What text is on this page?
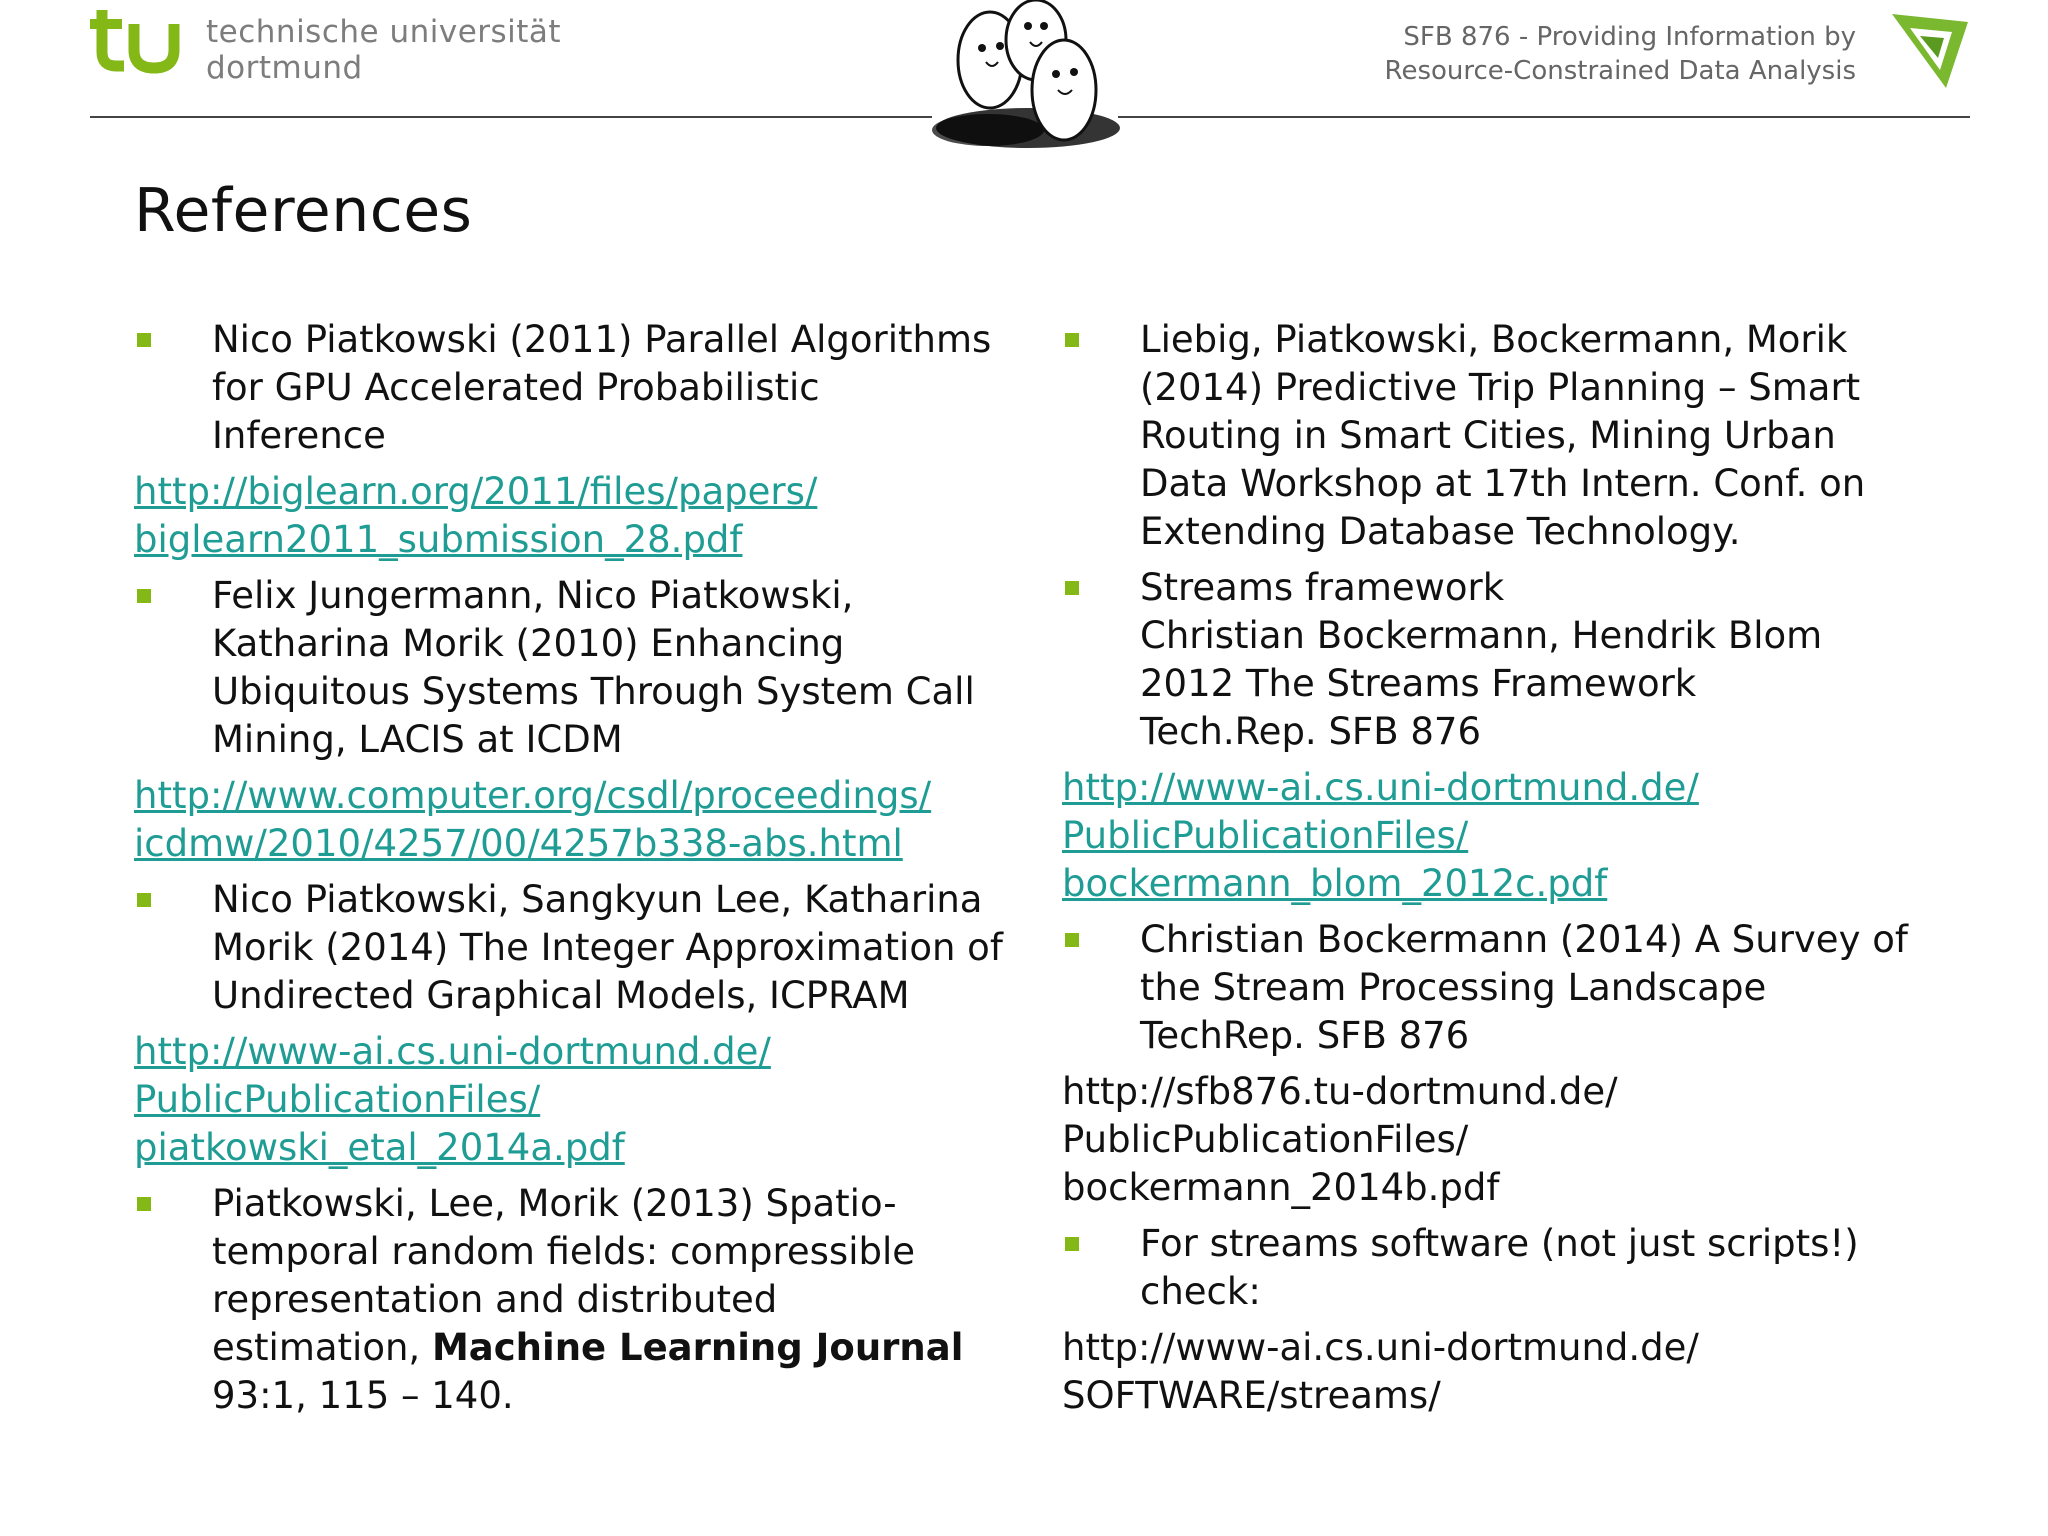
technische universität
dortmund
SFB 876 - Providing Information by
Resource-Constrained Data Analysis
References
Nico Piatkowski (2011) Parallel Algorithms
for GPU Accelerated Probabilistic
Inference
http://biglearn.org/2011/files/papers/
biglearn2011_submission_28.pdf
Felix Jungermann, Nico Piatkowski,
Katharina Morik (2010) Enhancing
Ubiquitous Systems Through System Call
Mining, LACIS at ICDM
http://www.computer.org/csdl/proceedings/
icdmw/2010/4257/00/4257b338-abs.html
Nico Piatkowski, Sangkyun Lee, Katharina
Morik (2014) The Integer Approximation of
Undirected Graphical Models, ICPRAM
http://www-ai.cs.uni-dortmund.de/
PublicPublicationFiles/
piatkowski_etal_2014a.pdf
Piatkowski, Lee, Morik (2013) Spatio-
temporal random fields: compressible
representation and distributed
estimation, Machine Learning Journal
93:1, 115 – 140.
Liebig, Piatkowski, Bockermann, Morik
(2014) Predictive Trip Planning – Smart
Routing in Smart Cities, Mining Urban
Data Workshop at 17th Intern. Conf. on
Extending Database Technology.
Streams framework
Christian Bockermann, Hendrik Blom
2012 The Streams Framework
Tech.Rep. SFB 876
http://www-ai.cs.uni-dortmund.de/
PublicPublicationFiles/
bockermann_blom_2012c.pdf
Christian Bockermann (2014) A Survey of
the Stream Processing Landscape
TechRep. SFB 876
http://sfb876.tu-dortmund.de/
PublicPublicationFiles/
bockermann_2014b.pdf
For streams software (not just scripts!)
check:
http://www-ai.cs.uni-dortmund.de/
SOFTWARE/streams/
